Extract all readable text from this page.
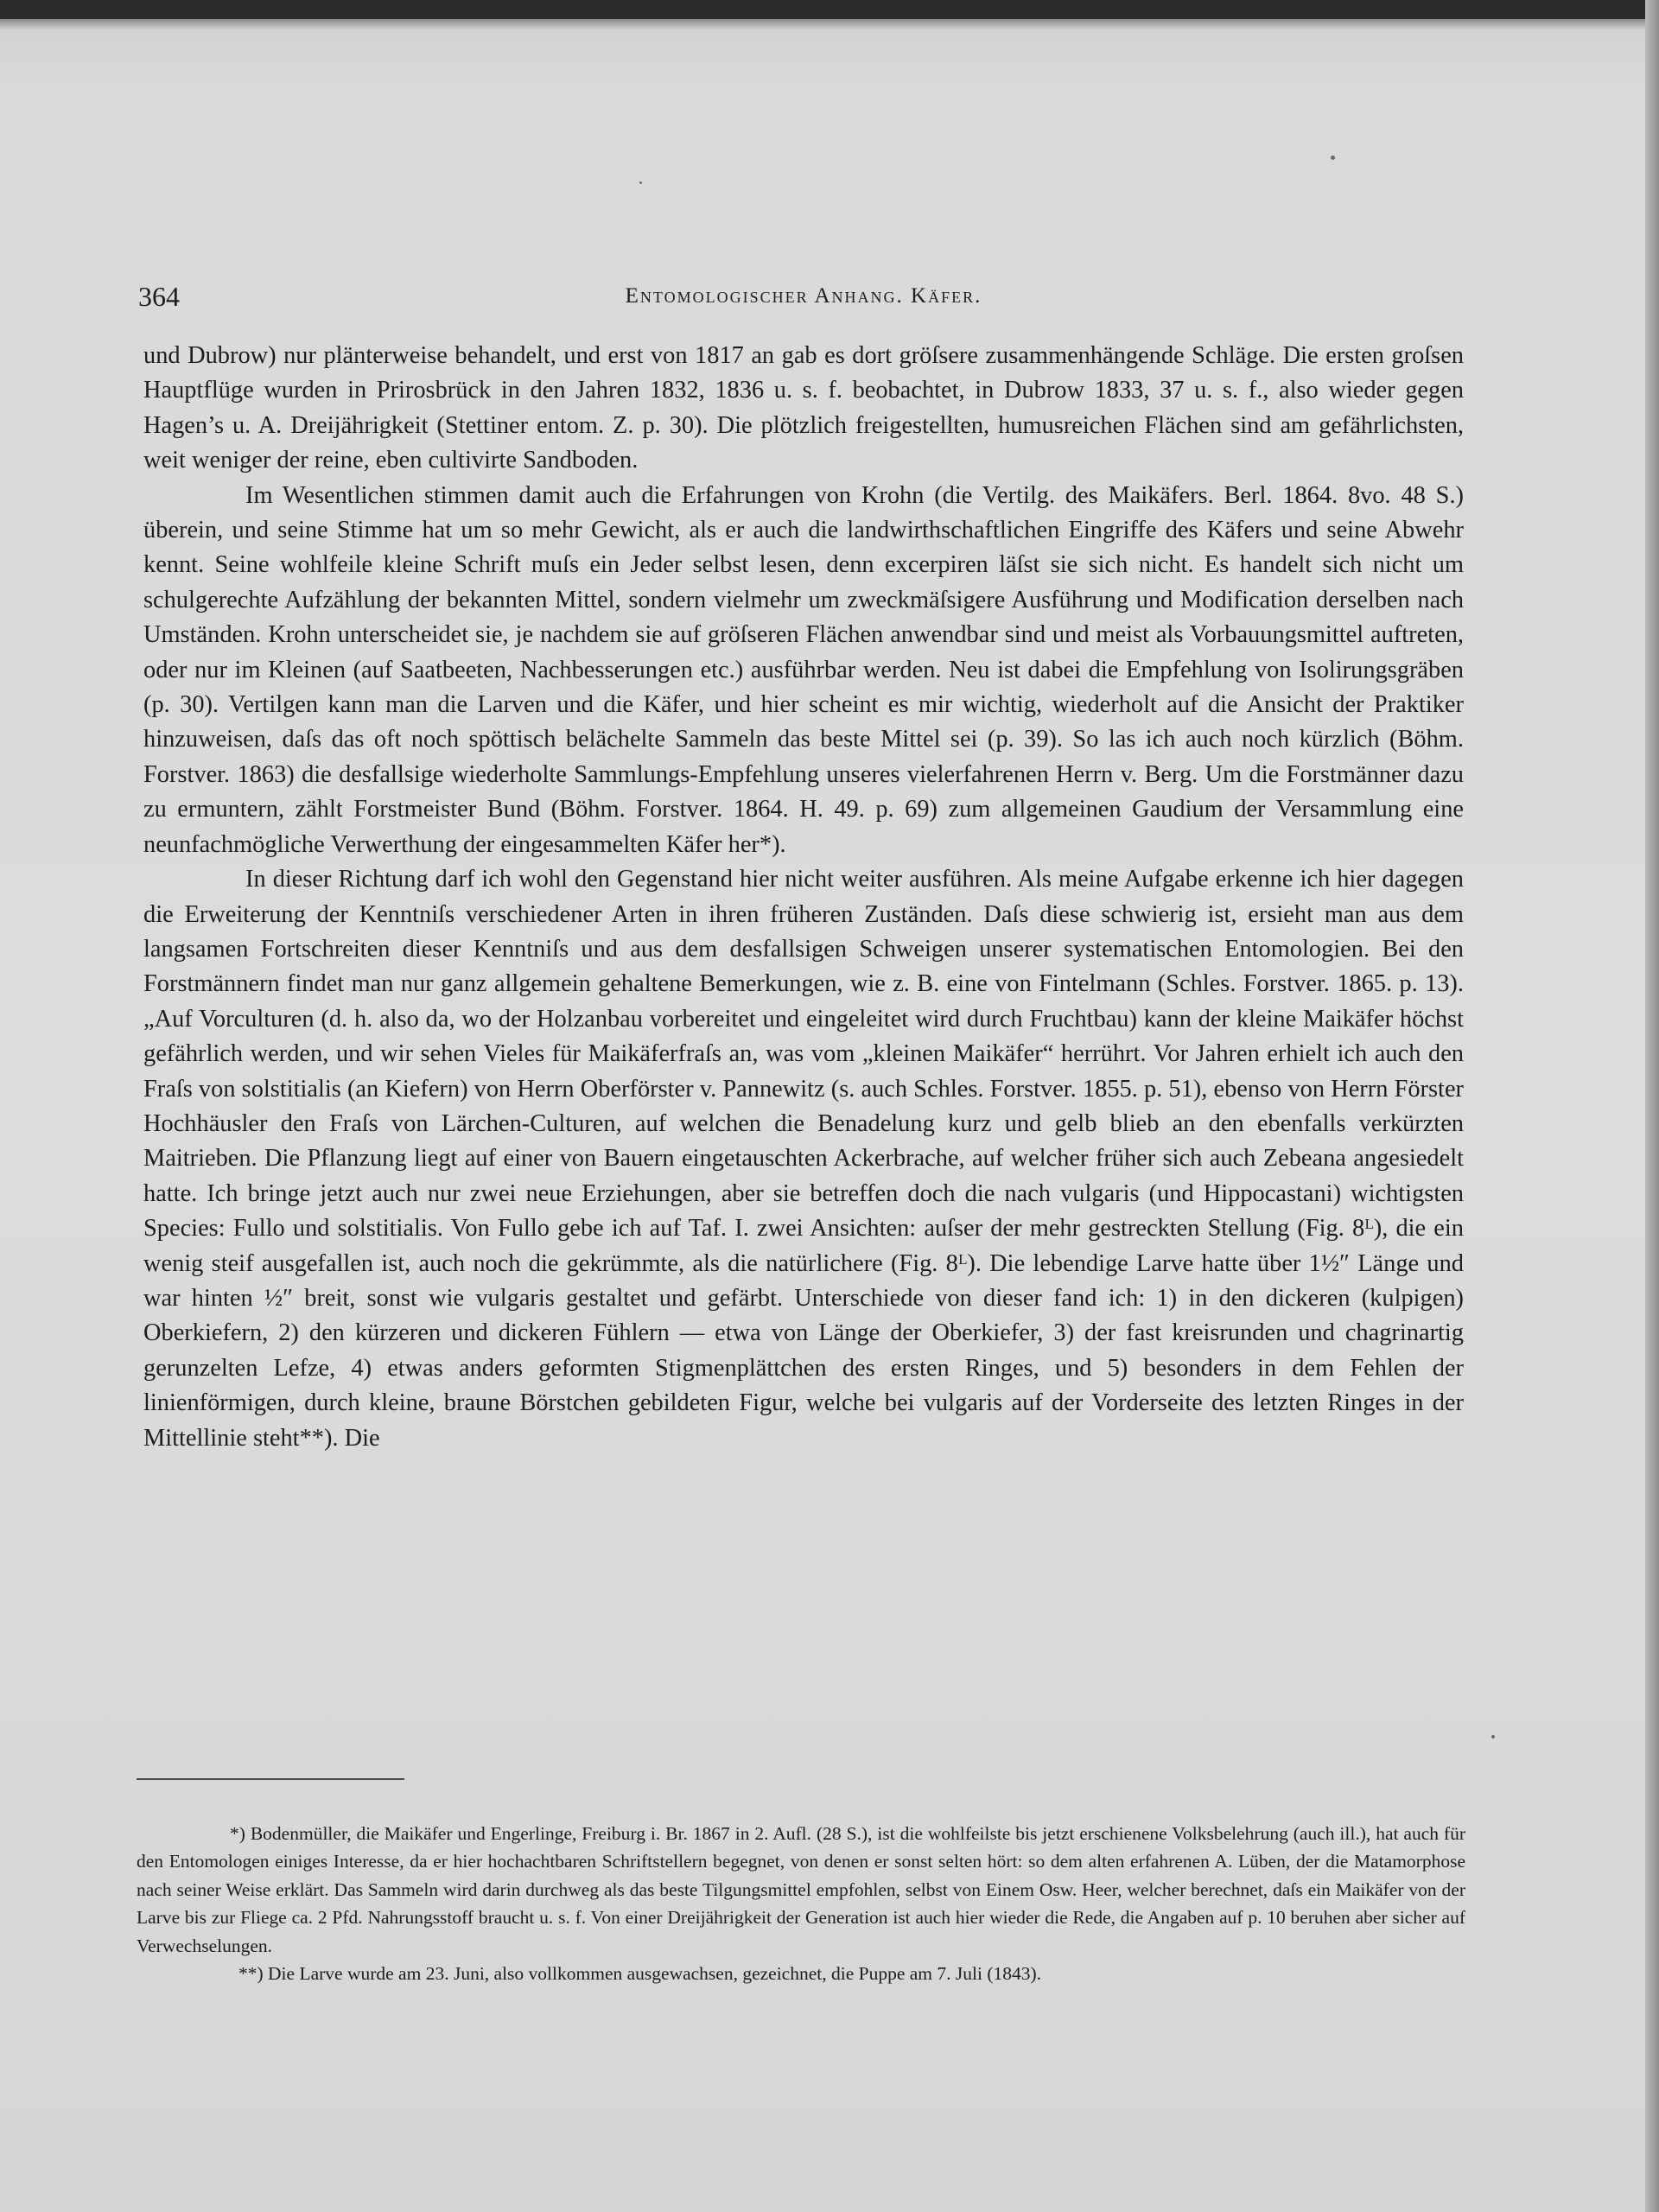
364	Entomologischer Anhang. Käfer.

und Dubrow) nur plänterweise behandelt, und erst von 1817 an gab es dort gröſsere zusammenhängende Schläge. Die ersten groſsen Hauptflüge wurden in Prirosbrück in den Jahren 1832, 1836 u. s. f. beobachtet, in Dubrow 1833, 37 u. s. f., also wieder gegen Hagen’s u. A. Dreijährigkeit (Stettiner entom. Z. p. 30). Die plötzlich freigestellten, humusreichen Flächen sind am gefährlichsten, weit weniger der reine, eben cultivirte Sandboden.

Im Wesentlichen stimmen damit auch die Erfahrungen von Krohn (die Vertilg. des Maikäfers. Berl. 1864. 8vo. 48 S.) überein, und seine Stimme hat um so mehr Gewicht, als er auch die landwirthschaftlichen Eingriffe des Käfers und seine Abwehr kennt. Seine wohlfeile kleine Schrift muſs ein Jeder selbst lesen, denn excerpiren läſst sie sich nicht. Es handelt sich nicht um schulgerechte Aufzählung der bekannten Mittel, sondern vielmehr um zweckmäſsigere Ausführung und Modification derselben nach Umständen. Krohn unterscheidet sie, je nachdem sie auf gröſseren Flächen anwendbar sind und meist als Vorbauungsmittel auftreten, oder nur im Kleinen (auf Saatbeeten, Nachbesserungen etc.) ausführbar werden. Neu ist dabei die Empfehlung von Isolirungsgräben (p. 30). Vertilgen kann man die Larven und die Käfer, und hier scheint es mir wichtig, wiederholt auf die Ansicht der Praktiker hinzuweisen, daſs das oft noch spöttisch belächelte Sammeln das beste Mittel sei (p. 39). So las ich auch noch kürzlich (Böhm. Forstver. 1863) die desfallsige wiederholte Sammlungs-Empfehlung unseres vielerfahrenen Herrn v. Berg. Um die Forstmänner dazu zu ermuntern, zählt Forstmeister Bund (Böhm. Forstver. 1864. H. 49. p. 69) zum allgemeinen Gaudium der Versammlung eine neunfachmögliche Verwerthung der eingesammelten Käfer her*).

In dieser Richtung darf ich wohl den Gegenstand hier nicht weiter ausführen. Als meine Aufgabe erkenne ich hier dagegen die Erweiterung der Kenntniſs verschiedener Arten in ihren früheren Zuständen. Daſs diese schwierig ist, ersieht man aus dem langsamen Fortschreiten dieser Kenntniſs und aus dem desfallsigen Schweigen unserer systematischen Entomologien. Bei den Forstmännern findet man nur ganz allgemein gehaltene Bemerkungen, wie z. B. eine von Fintelmann (Schles. Forstver. 1865. p. 13). „Auf Vorculturen (d. h. also da, wo der Holzanbau vorbereitet und eingeleitet wird durch Fruchtbau) kann der kleine Maikäfer höchst gefährlich werden, und wir sehen Vieles für Maikäferfraſs an, was vom „kleinen Maikäfer“ herrührt. Vor Jahren erhielt ich auch den Fraſs von solstitialis (an Kiefern) von Herrn Oberförster v. Pannewitz (s. auch Schles. Forstver. 1855. p. 51), ebenso von Herrn Förster Hochhäusler den Fraſs von Lärchen-Culturen, auf welchen die Benadelung kurz und gelb blieb an den ebenfalls verkürzten Maitrieben. Die Pflanzung liegt auf einer von Bauern eingetauschten Ackerbrache, auf welcher früher sich auch Zebeana angesiedelt hatte. Ich bringe jetzt auch nur zwei neue Erziehungen, aber sie betreffen doch die nach vulgaris (und Hippocastani) wichtigsten Species: Fullo und solstitialis. Von Fullo gebe ich auf Taf. I. zwei Ansichten: auſser der mehr gestreckten Stellung (Fig. 8ᴸ), die ein wenig steif ausgefallen ist, auch noch die gekrümmte, als die natürlichere (Fig. 8ᴸ). Die lebendige Larve hatte über 1½″ Länge und war hinten ½″ breit, sonst wie vulgaris gestaltet und gefärbt. Unterschiede von dieser fand ich: 1) in den dickeren (kulpigen) Oberkiefern, 2) den kürzeren und dickeren Fühlern — etwa von Länge der Oberkiefer, 3) der fast kreisrunden und chagrinartig gerunzelten Lefze, 4) etwas anders geformten Stigmenplättchen des ersten Ringes, und 5) besonders in dem Fehlen der linienförmigen, durch kleine, braune Börstchen gebildeten Figur, welche bei vulgaris auf der Vorderseite des letzten Ringes in der Mittellinie steht**). Die

*) Bodenmüller, die Maikäfer und Engerlinge, Freiburg i. Br. 1867 in 2. Aufl. (28 S.), ist die wohlfeilste bis jetzt erschienene Volksbelehrung (auch ill.), hat auch für den Entomologen einiges Interesse, da er hier hochachtbaren Schriftstellern begegnet, von denen er sonst selten hört: so dem alten erfahrenen A. Lüben, der die Matamorphose nach seiner Weise erklärt. Das Sammeln wird darin durchweg als das beste Tilgungsmittel empfohlen, selbst von Einem Osw. Heer, welcher berechnet, daſs ein Maikäfer von der Larve bis zur Fliege ca. 2 Pfd. Nahrungsstoff braucht u. s. f. Von einer Dreijährigkeit der Generation ist auch hier wieder die Rede, die Angaben auf p. 10 beruhen aber sicher auf Verwechselungen.

**) Die Larve wurde am 23. Juni, also vollkommen ausgewachsen, gezeichnet, die Puppe am 7. Juli (1843).
